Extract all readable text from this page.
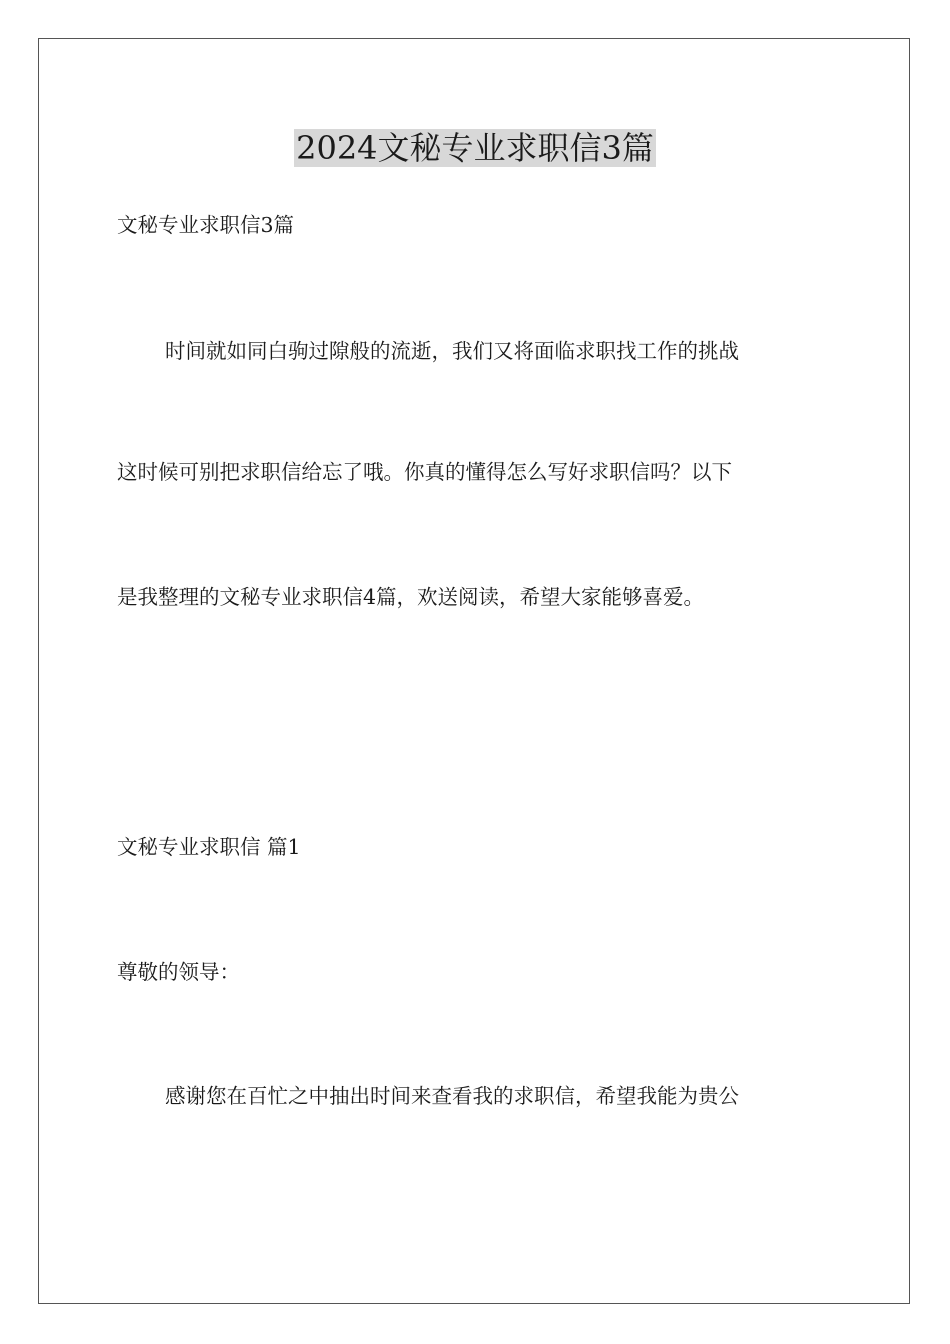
2024文秘专业求职信3篇
文秘专业求职信3篇
时间就如同白驹过隙般的流逝，我们又将面临求职找工作的挑战
这时候可别把求职信给忘了哦。你真的懂得怎么写好求职信吗？以下
是我整理的文秘专业求职信4篇，欢送阅读，希望大家能够喜爱。
文秘专业求职信 篇1
尊敬的领导：
感谢您在百忙之中抽出时间来查看我的求职信，希望我能为贵公
